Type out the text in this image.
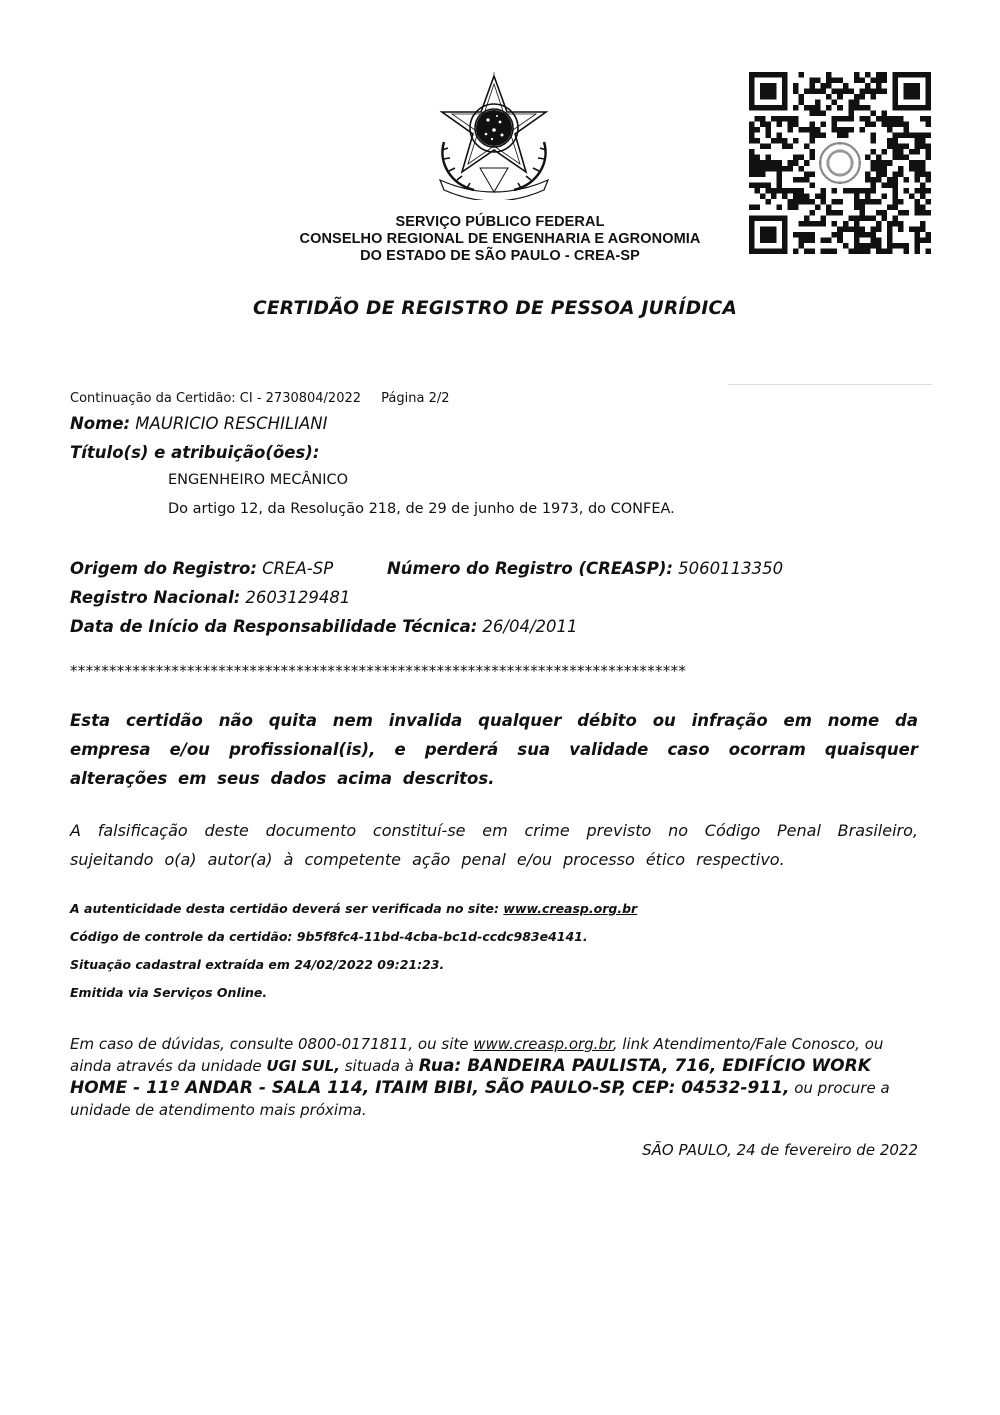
SERVIÇO PÚBLICO FEDERAL
CONSELHO REGIONAL DE ENGENHARIA E AGRONOMIA
DO ESTADO DE SÃO PAULO - CREA-SP
CERTIDÃO DE REGISTRO DE PESSOA JURÍDICA
Continuação da Certidão: CI - 2730804/2022 Página 2/2
Nome: MAURICIO RESCHILIANI
Título(s) e atribuição(ões):
ENGENHEIRO MECÂNICO
Do artigo 12, da Resolução 218, de 29 de junho de 1973, do CONFEA.
Origem do Registro: CREA-SP	Número do Registro (CREASP): 5060113350
Registro Nacional: 2603129481
Data de Início da Responsabilidade Técnica: 26/04/2011
*******************************************************************************
Esta certidão não quita nem invalida qualquer débito ou infração em nome da empresa e/ou profissional(is), e perderá sua validade caso ocorram quaisquer alterações em seus dados acima descritos.
A falsificação deste documento constituí-se em crime previsto no Código Penal Brasileiro, sujeitando o(a) autor(a) à competente ação penal e/ou processo ético respectivo.
A autenticidade desta certidão deverá ser verificada no site: www.creasp.org.br
Código de controle da certidão: 9b5f8fc4-11bd-4cba-bc1d-ccdc983e4141.
Situação cadastral extraída em 24/02/2022 09:21:23.
Emitida via Serviços Online.
Em caso de dúvidas, consulte 0800-0171811, ou site www.creasp.org.br, link Atendimento/Fale Conosco, ou ainda através da unidade UGI SUL, situada à Rua: BANDEIRA PAULISTA, 716, EDIFÍCIO WORK HOME - 11º ANDAR - SALA 114, ITAIM BIBI, SÃO PAULO-SP, CEP: 04532-911, ou procure a unidade de atendimento mais próxima.
SÃO PAULO, 24 de fevereiro de 2022
